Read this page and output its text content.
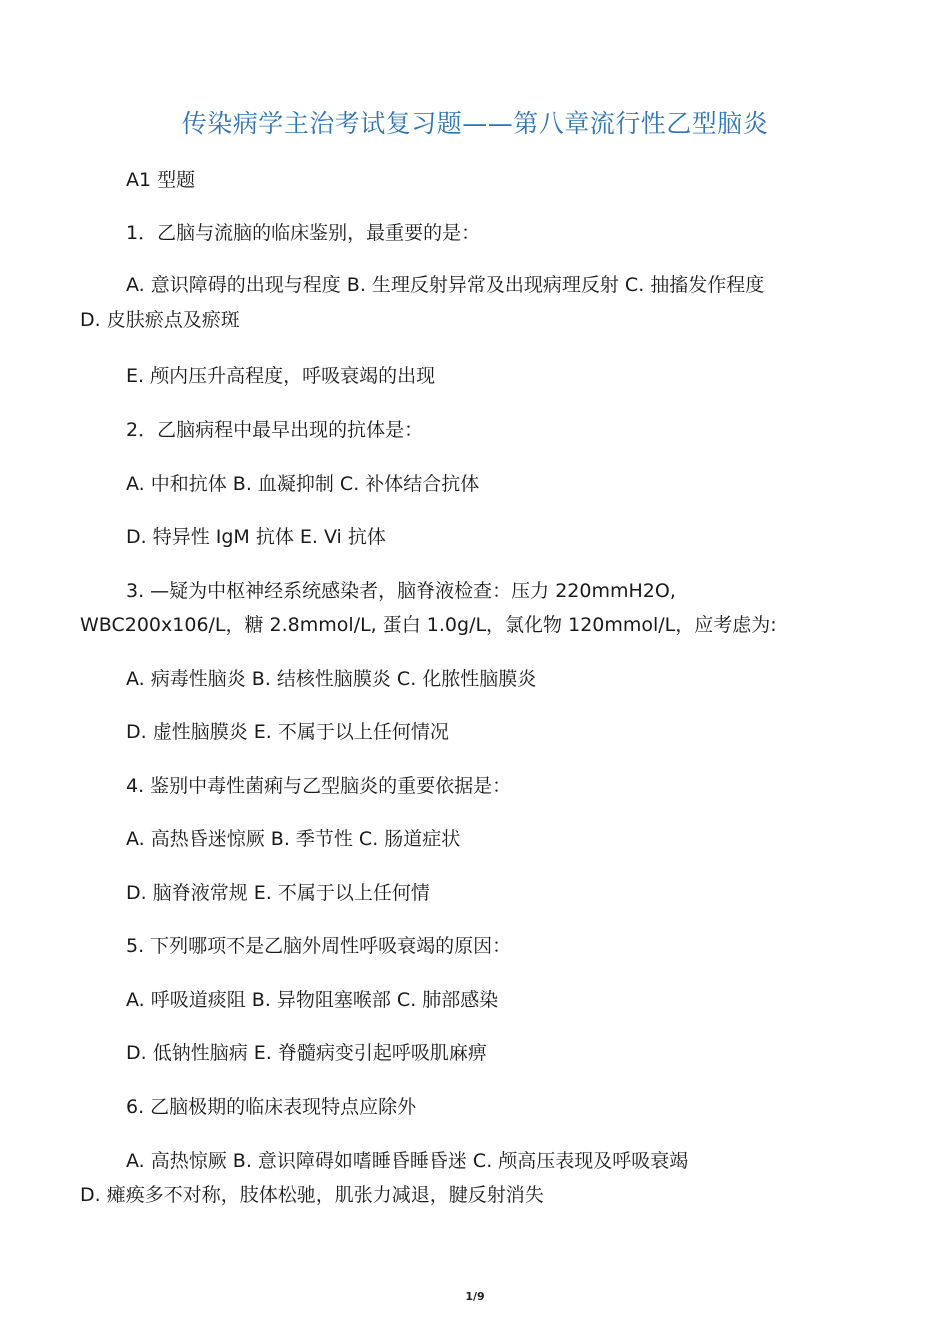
传染病学主治考试复习题——第八章流行性乙型脑炎
A1 型题
1．乙脑与流脑的临床鉴别，最重要的是：
A. 意识障碍的出现与程度 B. 生理反射异常及出现病理反射 C. 抽搐发作程度
D. 皮肤瘀点及瘀斑
E. 颅内压升高程度，呼吸衰竭的出现
2．乙脑病程中最早出现的抗体是：
A. 中和抗体 B. 血凝抑制 C. 补体结合抗体
D. 特异性 IgM 抗体 E. Vi 抗体
3. —疑为中枢神经系统感染者，脑脊液检查：压力 220mmH2O,
WBC200x106/L，糖 2.8mmol/L, 蛋白 1.0g/L，氯化物 120mmol/L，应考虑为:
A. 病毒性脑炎 B. 结核性脑膜炎 C. 化脓性脑膜炎
D. 虚性脑膜炎 E. 不属于以上任何情况
4. 鉴别中毒性菌痢与乙型脑炎的重要依据是：
A. 高热昏迷惊厥 B. 季节性 C. 肠道症状
D. 脑脊液常规 E. 不属于以上任何情
5. 下列哪项不是乙脑外周性呼吸衰竭的原因：
A. 呼吸道痰阻 B. 异物阻塞喉部 C. 肺部感染
D. 低钠性脑病 E. 脊髓病变引起呼吸肌麻痹
6. 乙脑极期的临床表现特点应除外
A. 高热惊厥 B. 意识障碍如嗜睡昏睡昏迷 C. 颅高压表现及呼吸衰竭
D. 瘫痪多不对称，肢体松驰，肌张力减退，腱反射消失
1/9
